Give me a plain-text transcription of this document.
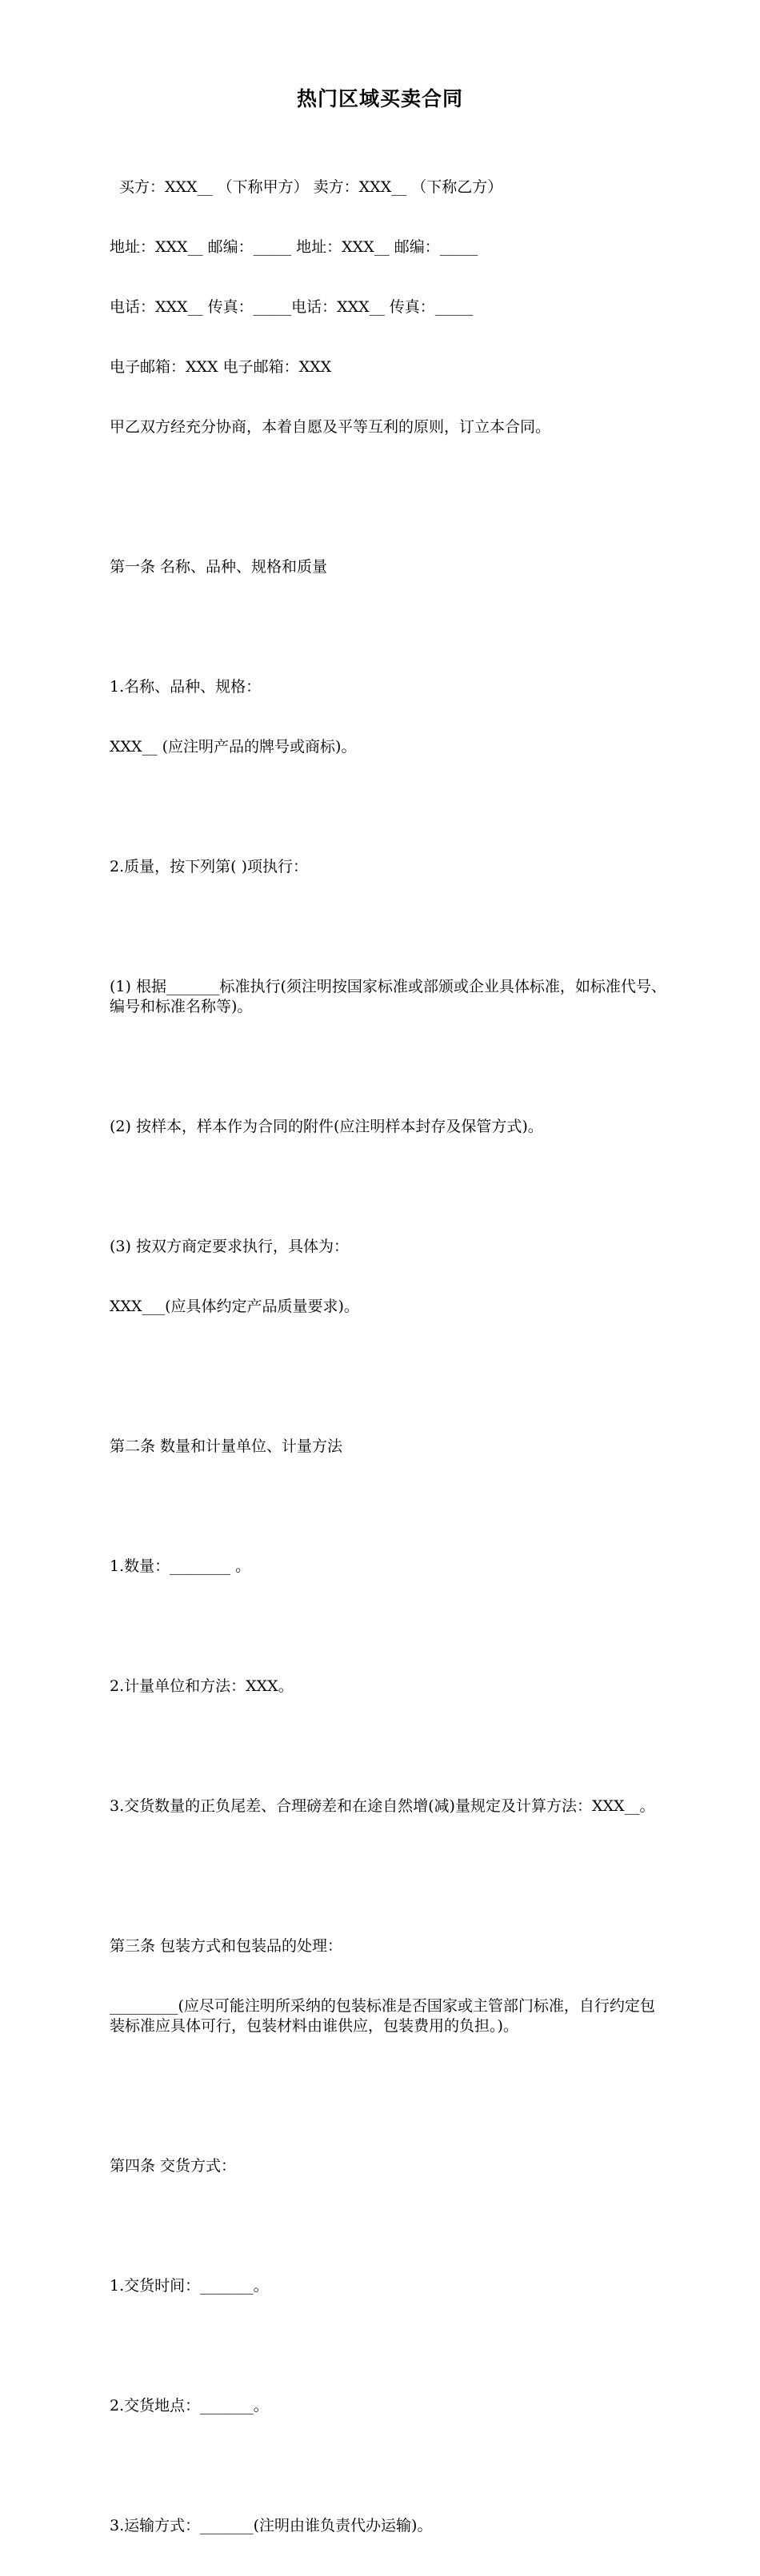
热门区域买卖合同

买方：XXX__ （下称甲方） 卖方：XXX__ （下称乙方）

地址：XXX__ 邮编：_____ 地址：XXX__ 邮编：_____

电话：XXX__ 传真：_____电话：XXX__ 传真：_____

电子邮箱：XXX 电子邮箱：XXX

甲乙双方经充分协商，本着自愿及平等互利的原则，订立本合同。

第一条 名称、品种、规格和质量

1.名称、品种、规格：

XXX__ (应注明产品的牌号或商标)。

2.质量，按下列第( )项执行：

(1) 根据_______标准执行(须注明按国家标准或部颁或企业具体标准，如标准代号、编号和标准名称等)。

(2) 按样本，样本作为合同的附件(应注明样本封存及保管方式)。

(3) 按双方商定要求执行，具体为：

XXX___(应具体约定产品质量要求)。

第二条 数量和计量单位、计量方法

1.数量：________ 。

2.计量单位和方法：XXX。

3.交货数量的正负尾差、合理磅差和在途自然增(减)量规定及计算方法：XXX__。

第三条 包装方式和包装品的处理：

_________(应尽可能注明所采纳的包装标准是否国家或主管部门标准，自行约定包装标准应具体可行，包装材料由谁供应，包装费用的负担。)。

第四条 交货方式：

1.交货时间：_______。

2.交货地点：_______。

3.运输方式：_______(注明由谁负责代办运输)。
